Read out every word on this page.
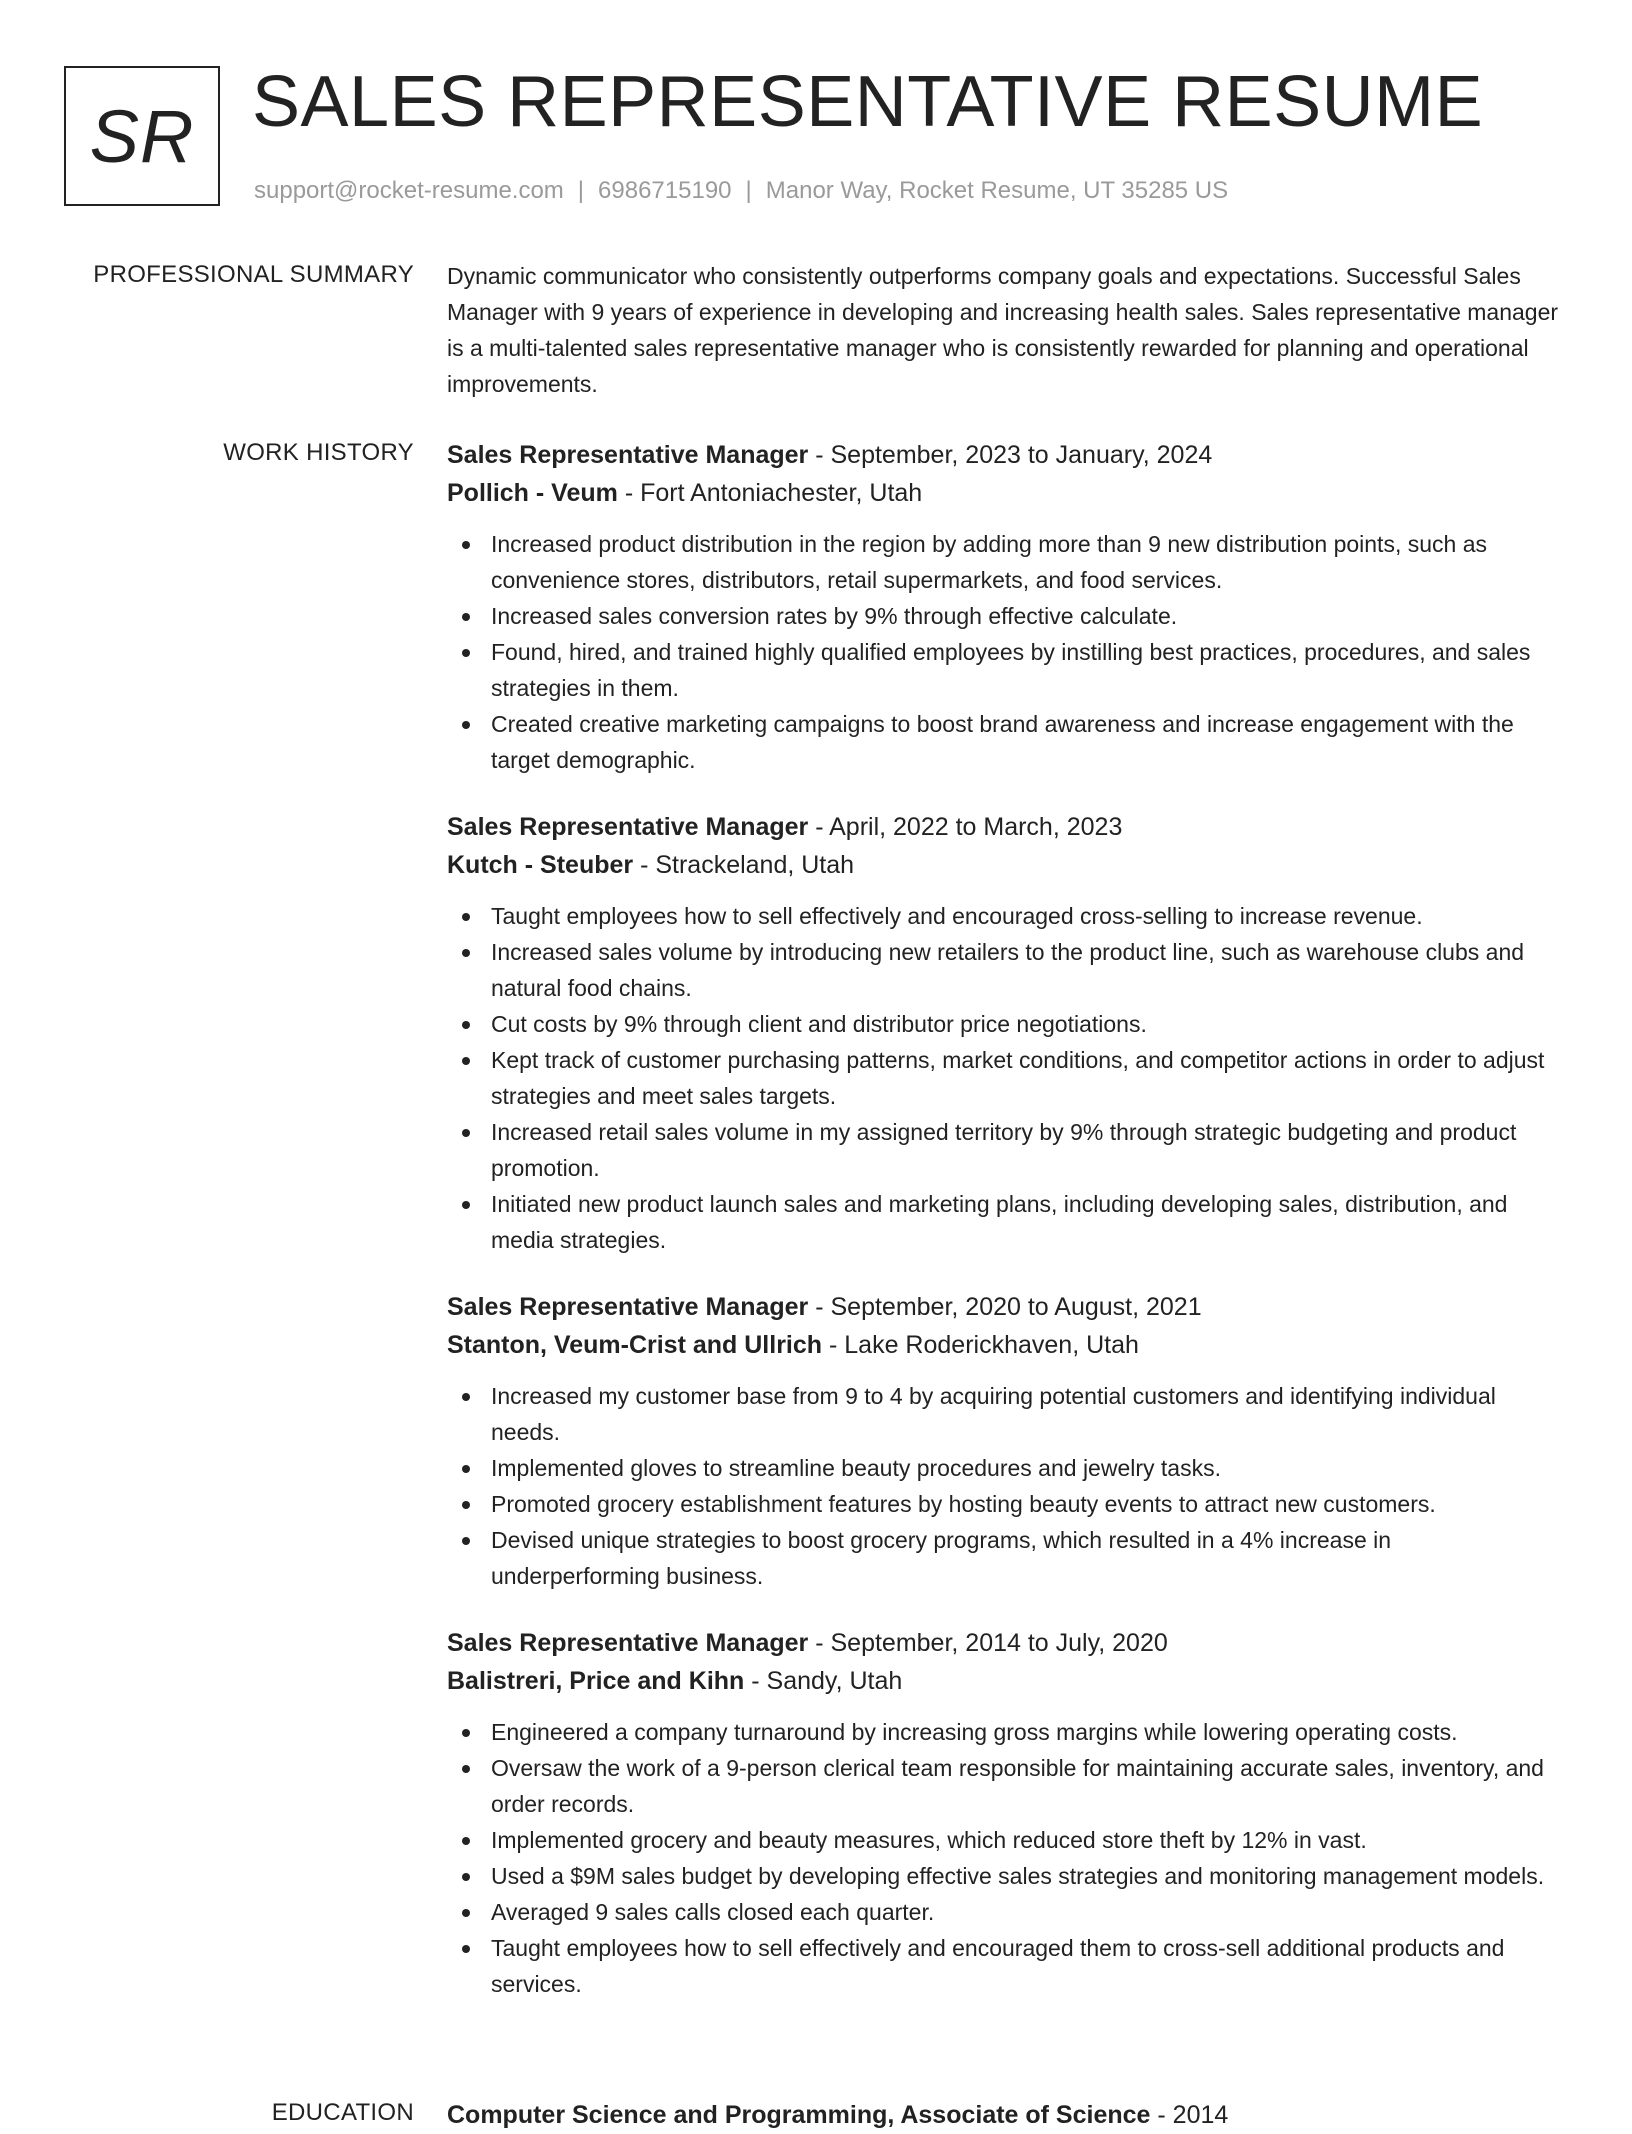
SR SALES REPRESENTATIVE RESUME
support@rocket-resume.com | 6986715190 | Manor Way, Rocket Resume, UT 35285 US
PROFESSIONAL SUMMARY Dynamic communicator who consistently outperforms company goals and expectations. Successful Sales Manager with 9 years of experience in developing and increasing health sales. Sales representative manager is a multi-talented sales representative manager who is consistently rewarded for planning and operational improvements.

WORK HISTORY Sales Representative Manager - September, 2023 to January, 2024
Pollich - Veum - Fort Antoniachester, Utah
Increased product distribution in the region by adding more than 9 new distribution points, such as convenience stores, distributors, retail supermarkets, and food services.
Increased sales conversion rates by 9% through effective calculate.
Found, hired, and trained highly qualified employees by instilling best practices, procedures, and sales strategies in them.
Created creative marketing campaigns to boost brand awareness and increase engagement with the target demographic.
Sales Representative Manager - April, 2022 to March, 2023
Kutch - Steuber - Strackeland, Utah
Taught employees how to sell effectively and encouraged cross-selling to increase revenue.
Increased sales volume by introducing new retailers to the product line, such as warehouse clubs and natural food chains.
Cut costs by 9% through client and distributor price negotiations.
Kept track of customer purchasing patterns, market conditions, and competitor actions in order to adjust strategies and meet sales targets.
Increased retail sales volume in my assigned territory by 9% through strategic budgeting and product promotion.
Initiated new product launch sales and marketing plans, including developing sales, distribution, and media strategies.
Sales Representative Manager - September, 2020 to August, 2021
Stanton, Veum-Crist and Ullrich - Lake Roderickhaven, Utah
Increased my customer base from 9 to 4 by acquiring potential customers and identifying individual needs.
Implemented gloves to streamline beauty procedures and jewelry tasks.
Promoted grocery establishment features by hosting beauty events to attract new customers.
Devised unique strategies to boost grocery programs, which resulted in a 4% increase in underperforming business.
Sales Representative Manager - September, 2014 to July, 2020
Balistreri, Price and Kihn - Sandy, Utah
Engineered a company turnaround by increasing gross margins while lowering operating costs.
Oversaw the work of a 9-person clerical team responsible for maintaining accurate sales, inventory, and order records.
Implemented grocery and beauty measures, which reduced store theft by 12% in vast.
Used a $9M sales budget by developing effective sales strategies and monitoring management models.
Averaged 9 sales calls closed each quarter.
Taught employees how to sell effectively and encouraged them to cross-sell additional products and services.
EDUCATION Computer Science and Programming, Associate of Science - 2014
